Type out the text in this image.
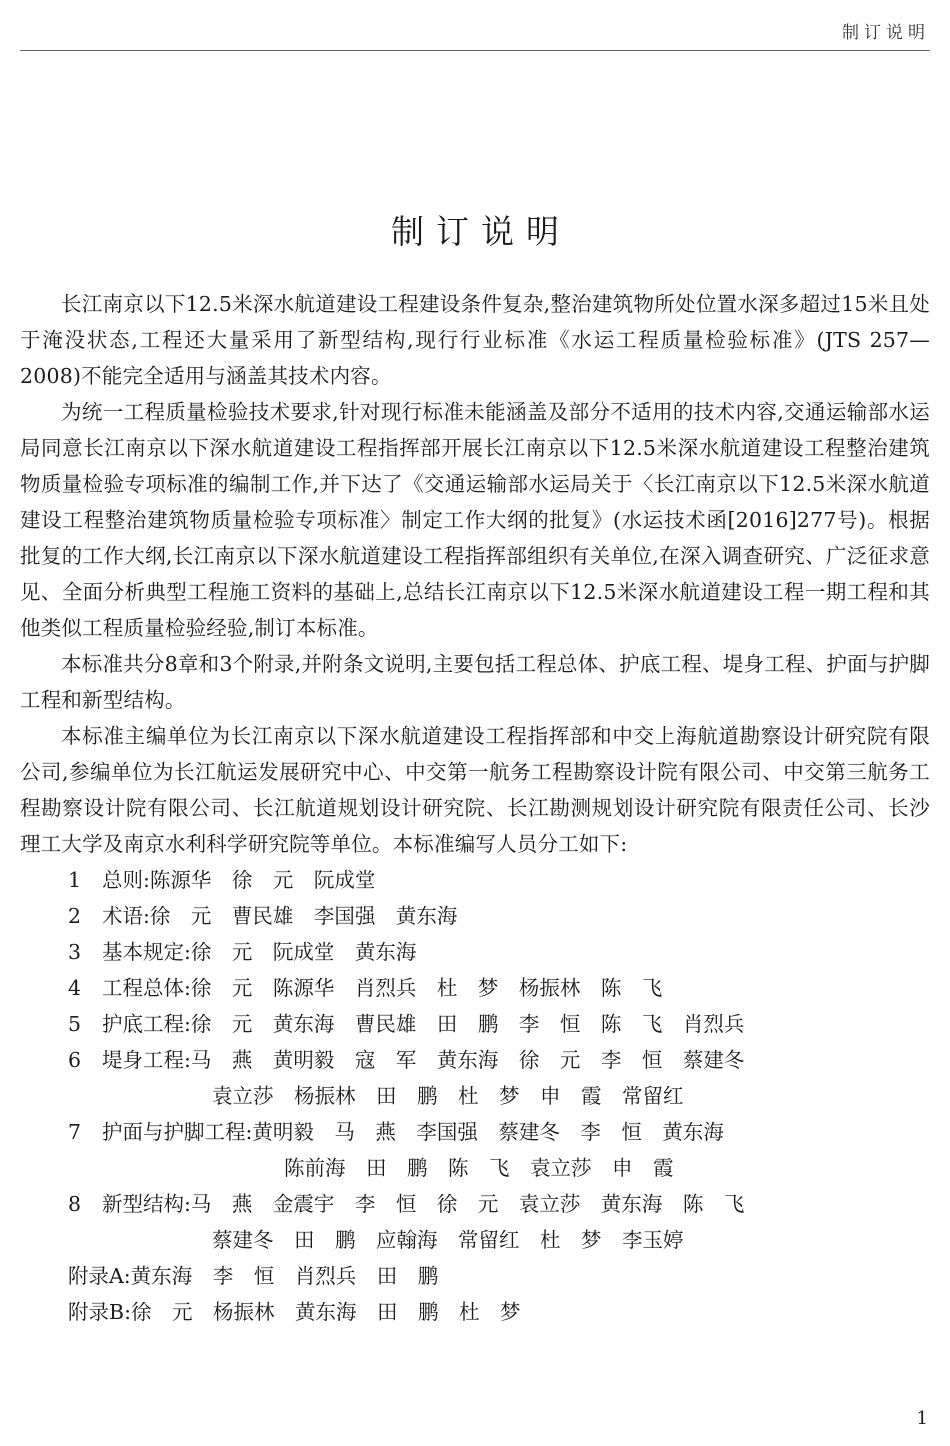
制订说明
制订说明

长江南京以下12.5米深水航道建设工程建设条件复杂,整治建筑物所处位置水深多超过15米且处于淹没状态,工程还大量采用了新型结构,现行行业标准《水运工程质量检验标准》(JTS 257—2008)不能完全适用与涵盖其技术内容。

为统一工程质量检验技术要求,针对现行标准未能涵盖及部分不适用的技术内容,交通运输部水运局同意长江南京以下深水航道建设工程指挥部开展长江南京以下12.5米深水航道建设工程整治建筑物质量检验专项标准的编制工作,并下达了《交通运输部水运局关于〈长江南京以下12.5米深水航道建设工程整治建筑物质量检验专项标准〉制定工作大纲的批复》(水运技术函[2016]277号)。根据批复的工作大纲,长江南京以下深水航道建设工程指挥部组织有关单位,在深入调查研究、广泛征求意见、全面分析典型工程施工资料的基础上,总结长江南京以下12.5米深水航道建设工程一期工程和其他类似工程质量检验经验,制订本标准。

本标准共分8章和3个附录,并附条文说明,主要包括工程总体、护底工程、堤身工程、护面与护脚工程和新型结构。

本标准主编单位为长江南京以下深水航道建设工程指挥部和中交上海航道勘察设计研究院有限公司,参编单位为长江航运发展研究中心、中交第一航务工程勘察设计院有限公司、中交第三航务工程勘察设计院有限公司、长江航道规划设计研究院、长江勘测规划设计研究院有限责任公司、长沙理工大学及南京水利科学研究院等单位。本标准编写人员分工如下:

1 总则:陈源华　徐　元　阮成堂
2 术语:徐　元　曹民雄　李国强　黄东海
3 基本规定:徐　元　阮成堂　黄东海
4 工程总体:徐　元　陈源华　肖烈兵　杜　梦　杨振林　陈　飞
5 护底工程:徐　元　黄东海　曹民雄　田　鹏　李　恒　陈　飞　肖烈兵
6 堤身工程:马　燕　黄明毅　寇　军　黄东海　徐　元　李　恒　蔡建冬
袁立莎　杨振林　田　鹏　杜　梦　申　霞　常留红
7 护面与护脚工程:黄明毅　马　燕　李国强　蔡建冬　李　恒　黄东海
陈前海　田　鹏　陈　飞　袁立莎　申　霞
8 新型结构:马　燕　金震宇　李　恒　徐　元　袁立莎　黄东海　陈　飞
蔡建冬　田　鹏　应翰海　常留红　杜　梦　李玉婷
附录A:黄东海　李　恒　肖烈兵　田　鹏
附录B:徐　元　杨振林　黄东海　田　鹏　杜　梦
1
